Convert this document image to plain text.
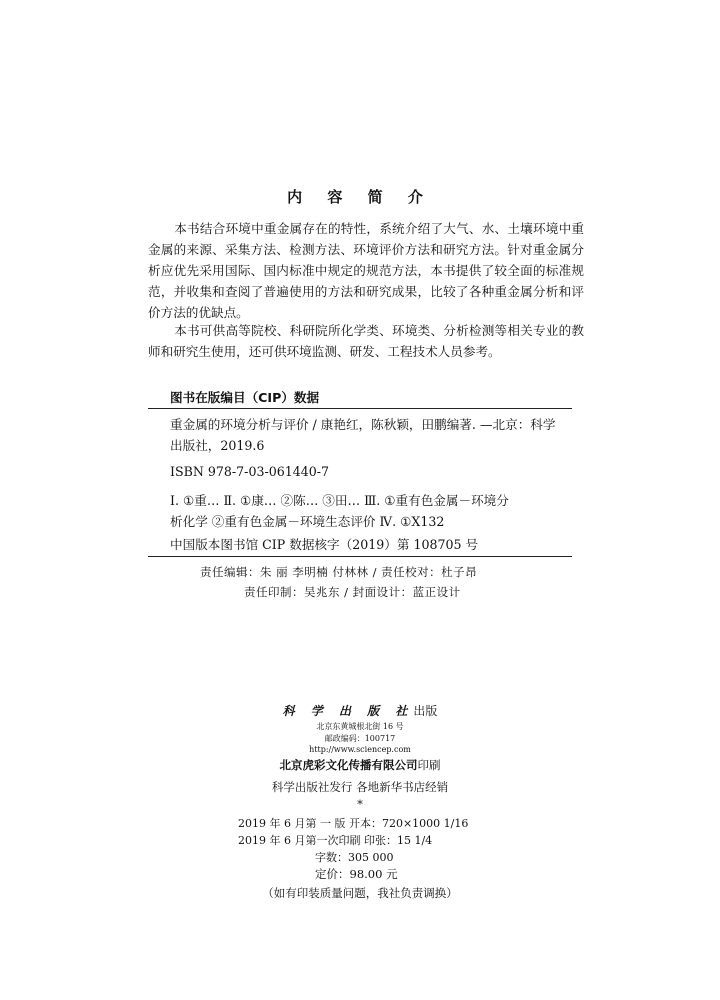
内 容 简 介
本书结合环境中重金属存在的特性，系统介绍了大气、水、土壤环境中重金属的来源、采集方法、检测方法、环境评价方法和研究方法。针对重金属分析应优先采用国际、国内标准中规定的规范方法，本书提供了较全面的标准规范，并收集和查阅了普遍使用的方法和研究成果，比较了各种重金属分析和评价方法的优缺点。
本书可供高等院校、科研院所化学类、环境类、分析检测等相关专业的教师和研究生使用，还可供环境监测、研发、工程技术人员参考。
图书在版编目（CIP）数据
重金属的环境分析与评价 / 康艳红，陈秋颖，田鹏编著. —北京：科学
出版社，2019.6
ISBN 978-7-03-061440-7
Ⅰ. ①重… Ⅱ. ①康… ②陈… ③田… Ⅲ. ①重有色金属－环境分
析化学 ②重有色金属－环境生态评价 Ⅳ. ①X132
中国版本图书馆 CIP 数据核字（2019）第 108705 号
责任编辑：朱 丽 李明楠 付林林 / 责任校对：杜子昂
责任印制：吴兆东 / 封面设计：蓝正设计
科 学 出 版 社出版
北京东黄城根北街 16 号
邮政编码：100717
http://www.sciencep.com
北京虎彩文化传播有限公司印刷
科学出版社发行 各地新华书店经销
*
2019 年 6 月第 一 版 开本：720×1000 1/16
2019 年 6 月第一次印刷 印张：15 1/4
字数：305 000
定价：98.00 元
（如有印装质量问题，我社负责调换）
